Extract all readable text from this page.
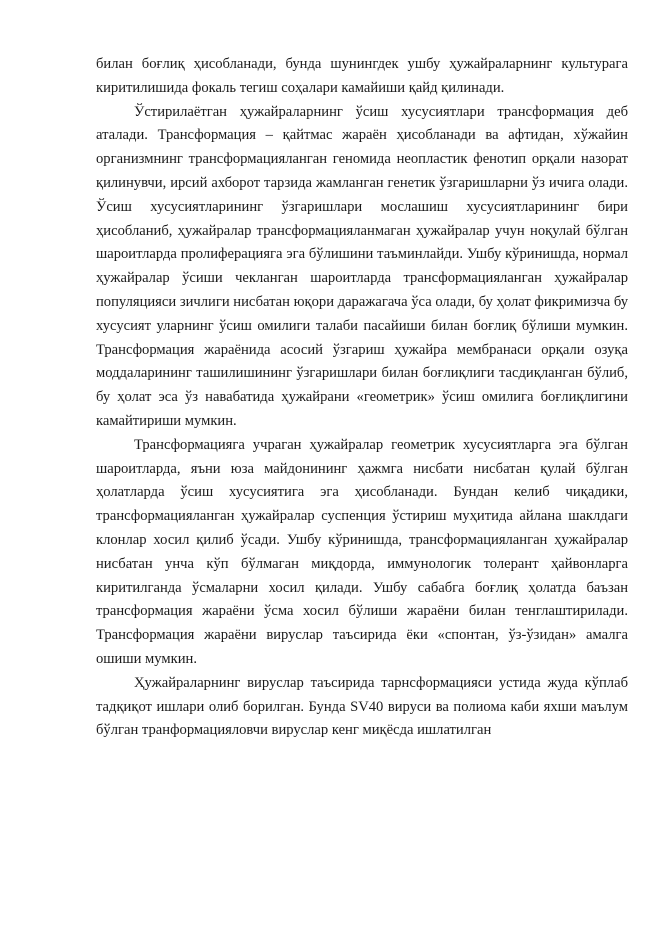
билан боғлиқ ҳисобланади, бунда шунингдек ушбу ҳужайраларнинг культурага киритилишида фокаль тегиш соҳалари камайиши қайд қилинади.

Ўстирилаётган ҳужайраларнинг ўсиш хусусиятлари трансформация деб аталади. Трансформация – қайтмас жараён ҳисобланади ва афтидан, хўжайин организмнинг трансформацияланган геномида неопластик фенотип орқали назорат қилинувчи, ирсий ахборот тарзида жамланган генетик ўзгаришларни ўз ичига олади. Ўсиш хусусиятларининг ўзгаришлари мослашиш хусусиятларининг бири ҳисобланиб, ҳужайралар трансформацияланмаган ҳужайралар учун ноқулай бўлган шароитларда пролиферацияга эга бўлишини таъминлайди. Ушбу кўринишда, нормал ҳужайралар ўсиши чекланган шароитларда трансформацияланган ҳужайралар популяцияси зичлиги нисбатан юқори даражагача ўса олади, бу ҳолат фикримизча бу хусусият уларнинг ўсиш омилиги талаби пасайиши билан боғлиқ бўлиши мумкин. Трансформация жараёнида асосий ўзгариш ҳужайра мембранаси орқали озуқа моддаларининг ташилишининг ўзгаришлари билан боғлиқлиги тасдиқланган бўлиб, бу ҳолат эса ўз навабатида ҳужайрани «геометрик» ўсиш омилига боғлиқлигини камайтириши мумкин.

Трансформацияга учраган ҳужайралар геометрик хусусиятларга эга бўлган шароитларда, яъни юза майдонининг ҳажмга нисбати нисбатан қулай бўлган ҳолатларда ўсиш хусусиятига эга ҳисобланади. Бундан келиб чиқадики, трансформацияланган ҳужайралар суспенция ўстириш муҳитида айлана шаклдаги клонлар хосил қилиб ўсади. Ушбу кўринишда, трансформацияланган ҳужайралар нисбатан унча кўп бўлмаган миқдорда, иммунологик толерант ҳайвонларга киритилганда ўсмаларни хосил қилади. Ушбу сабабга боғлиқ ҳолатда баъзан трансформация жараёни ўсма хосил бўлиши жараёни билан тенглаштирилади. Трансформация жараёни вируслар таъсирида ёки «спонтан, ўз-ўзидан» амалга ошиши мумкин.

Ҳужайраларнинг вируслар таъсирида тарнсформацияси устида жуда кўплаб тадқиқот ишлари олиб борилган. Бунда SV40 вируси ва полиома каби яхши маълум бўлган транформацияловчи вируслар кенг миқёсда ишлатилган
